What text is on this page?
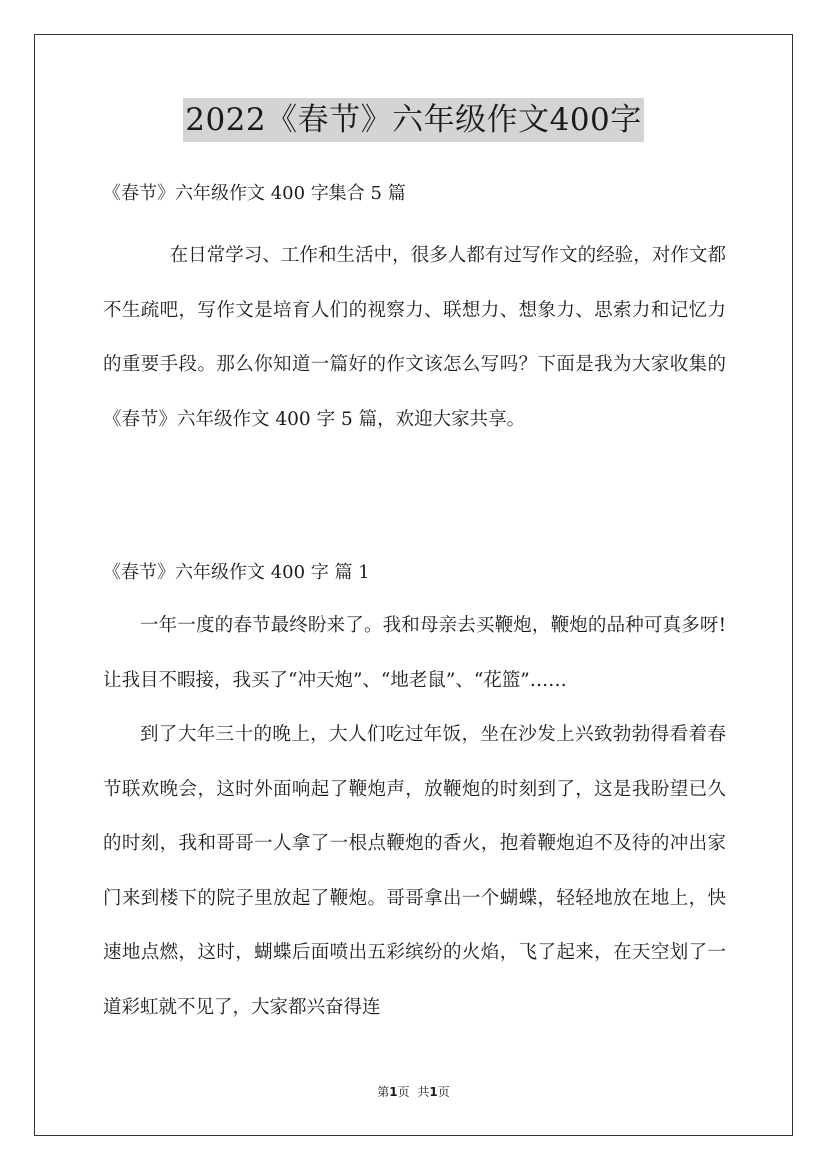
2022《春节》六年级作文400字
《春节》六年级作文 400 字集合 5 篇

在日常学习、工作和生活中，很多人都有过写作文的经验，对作文都不生疏吧，写作文是培育人们的视察力、联想力、想象力、思索力和记忆力的重要手段。那么你知道一篇好的作文该怎么写吗？下面是我为大家收集的《春节》六年级作文 400 字 5 篇，欢迎大家共享。

《春节》六年级作文 400 字 篇 1

一年一度的春节最终盼来了。我和母亲去买鞭炮，鞭炮的品种可真多呀!让我目不暇接，我买了“冲天炮”、“地老鼠”、“花篮”……

到了大年三十的晚上，大人们吃过年饭，坐在沙发上兴致勃勃得看着春节联欢晚会，这时外面响起了鞭炮声，放鞭炮的时刻到了，这是我盼望已久的时刻，我和哥哥一人拿了一根点鞭炮的香火，抱着鞭炮迫不及待的冲出家门来到楼下的院子里放起了鞭炮。哥哥拿出一个蝴蝶，轻轻地放在地上，快速地点燃，这时，蝴蝶后面喷出五彩缤纷的火焰，飞了起来，在天空划了一道彩虹就不见了，大家都兴奋得连

第1页 共1页
